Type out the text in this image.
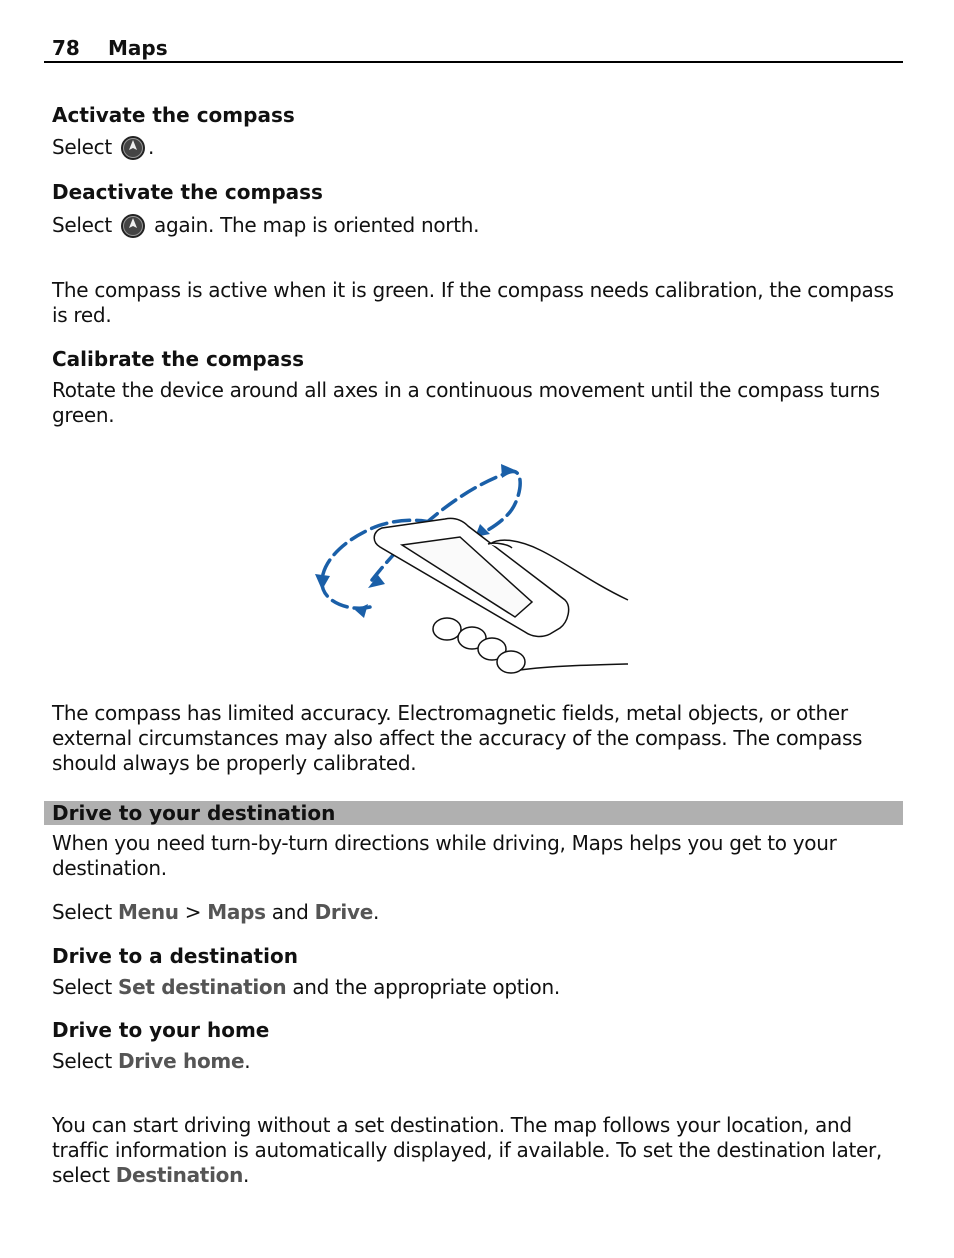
78 Maps
Activate the compass
Select .
Deactivate the compass
Select again. The map is oriented north.
The compass is active when it is green. If the compass needs calibration, the compass is red.
Calibrate the compass
Rotate the device around all axes in a continuous movement until the compass turns green.
The compass has limited accuracy. Electromagnetic fields, metal objects, or other external circumstances may also affect the accuracy of the compass. The compass should always be properly calibrated.
Drive to your destination
When you need turn-by-turn directions while driving, Maps helps you get to your destination.
Select Menu > Maps and Drive.
Drive to a destination
Select Set destination and the appropriate option.
Drive to your home
Select Drive home.
You can start driving without a set destination. The map follows your location, and traffic information is automatically displayed, if available. To set the destination later, select Destination.
